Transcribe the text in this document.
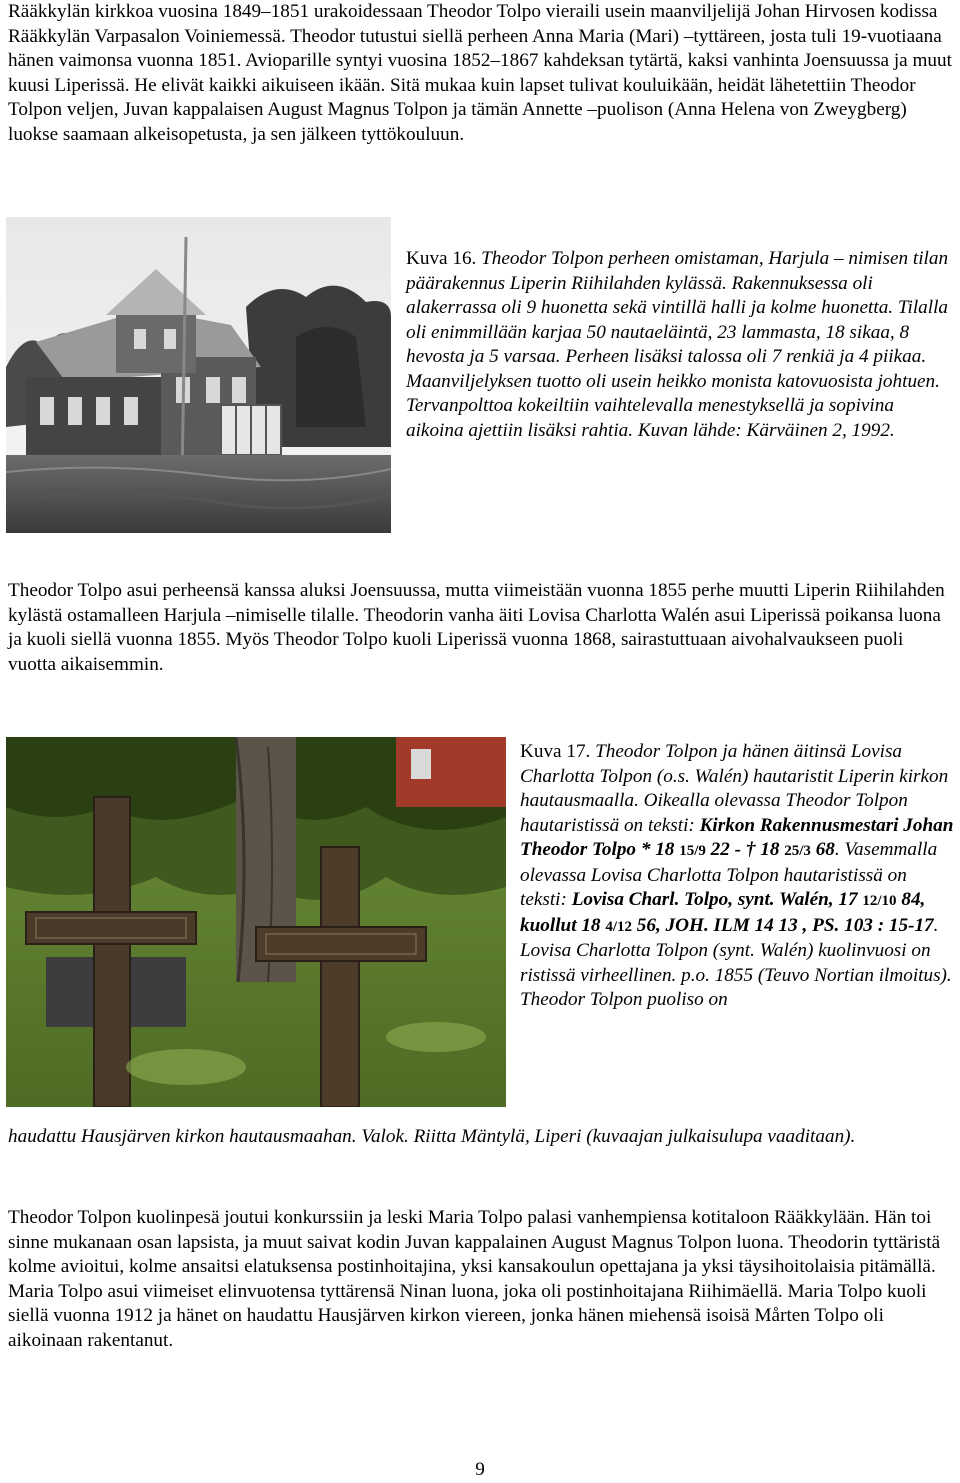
Rääkkylän kirkkoa vuosina 1849–1851 urakoidessaan Theodor Tolpo vieraili usein maanviljelijä Johan Hirvosen kodissa Rääkkylän Varpasalon Voiniemessä. Theodor tutustui siellä perheen Anna Maria (Mari) –tyttäreen, josta tuli 19-vuotiaana hänen vaimonsa vuonna 1851. Avioparille syntyi vuosina 1852–1867 kahdeksan tytärtä, kaksi vanhinta Joensuussa ja muut kuusi Liperissä. He elivät kaikki aikuiseen ikään. Sitä mukaa kuin lapset tulivat kouluikään, heidät lähetettiin Theodor Tolpon veljen, Juvan kappalaisen August Magnus Tolpon ja tämän Annette –puolison (Anna Helena von Zweygberg) luokse saamaan alkeisopetusta, ja sen jälkeen tyttökouluun.

Kuva 16. Theodor Tolpon perheen omistaman, Harjula – nimisen tilan päärakennus Liperin Riihilahden kylässä. Rakennuksessa oli alakerrassa oli 9 huonetta sekä vintillä halli ja kolme huonetta. Tilalla oli enimmillään karjaa 50 nautaeläintä, 23 lammasta, 18 sikaa, 8 hevosta ja 5 varsaa. Perheen lisäksi talossa oli 7 renkiä ja 4 piikaa. Maanviljelyksen tuotto oli usein heikko monista katovuosista johtuen. Tervanpolttoa kokeiltiin vaihtelevalla menestyksellä ja sopivina aikoina ajettiin lisäksi rahtia. Kuvan lähde: Kärväinen 2, 1992.

Theodor Tolpo asui perheensä kanssa aluksi Joensuussa, mutta viimeistään vuonna 1855 perhe muutti Liperin Riihilahden kylästä ostamalleen Harjula –nimiselle tilalle. Theodorin vanha äiti Lovisa Charlotta Walén asui Liperissä poikansa luona ja kuoli siellä vuonna 1855. Myös Theodor Tolpo kuoli Liperissä vuonna 1868, sairastuttuaan aivohalvaukseen puoli vuotta aikaisemmin.

Kuva 17. Theodor Tolpon ja hänen äitinsä Lovisa Charlotta Tolpon (o.s. Walén) hautaristit Liperin kirkon hautausmaalla. Oikealla olevassa Theodor Tolpon hautaristissä on teksti: Kirkon Rakennusmestari Johan Theodor Tolpo * 18 15/9 22 - † 18 25/3 68. Vasemmalla olevassa Lovisa Charlotta Tolpon hautaristissä on teksti: Lovisa Charl. Tolpo, synt. Walén, 17 12/10 84, kuollut 18 4/12 56, JOH. ILM 14 13 , PS. 103 : 15-17. Lovisa Charlotta Tolpon (synt. Walén) kuolinvuosi on ristissä virheellinen. p.o. 1855 (Teuvo Nortian ilmoitus). Theodor Tolpon puoliso on

haudattu Hausjärven kirkon hautausmaahan. Valok. Riitta Mäntylä, Liperi (kuvaajan julkaisulupa vaaditaan).

Theodor Tolpon kuolinpesä joutui konkurssiin ja leski Maria Tolpo palasi vanhempiensa kotitaloon Rääkkylään. Hän toi sinne mukanaan osan lapsista, ja muut saivat kodin Juvan kappalainen August Magnus Tolpon luona. Theodorin tyttäristä kolme avioitui, kolme ansaitsi elatuksensa postinhoitajina, yksi kansakoulun opettajana ja yksi täysihoitolaisia pitämällä. Maria Tolpo asui viimeiset elinvuotensa tyttärensä Ninan luona, joka oli postinhoitajana Riihimäellä. Maria Tolpo kuoli siellä vuonna 1912 ja hänet on haudattu Hausjärven kirkon viereen, jonka hänen miehensä isoisä Mårten Tolpo oli aikoinaan rakentanut.

9
